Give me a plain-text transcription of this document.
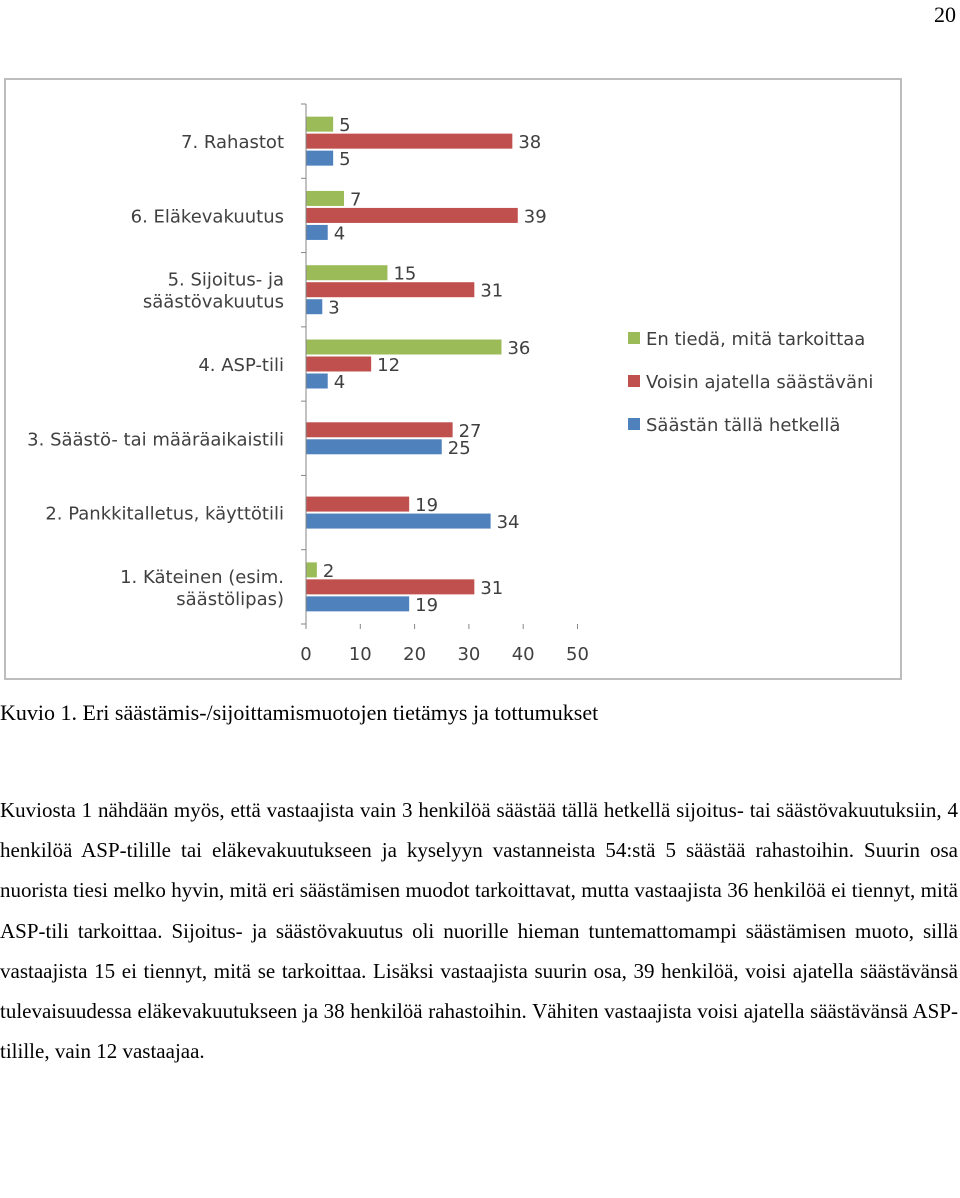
20
1. Käteinen (esim.
säästölipas)
2. Pankkitalletus, käyttötili
3. Säästö- tai määräaikaistili
4. ASP-tili
5. Sijoitus- ja
säästövakuutus
6. Eläkevakuutus
7. Rahastot
2
31
19
19
34
27
25
36
12
4
15
31
3
7
39
4
5
38
5
0 10 20 30 40 50
En tiedä, mitä tarkoittaa
Voisin ajatella säästäväni
Säästän tällä hetkellä
Kuvio 1. Eri säästämis-/sijoittamismuotojen tietämys ja tottumukset

Kuviosta 1 nähdään myös, että vastaajista vain 3 henkilöä säästää tällä hetkellä sijoitus- tai säästövakuutuksiin, 4 henkilöä ASP-tilille tai eläkevakuutukseen ja kyselyyn vastanneista 54:stä 5 säästää rahastoihin. Suurin osa nuorista tiesi melko hyvin, mitä eri säästämisen muodot tarkoittavat, mutta vastaajista 36 henkilöä ei tiennyt, mitä ASP-tili tarkoittaa. Sijoitus- ja säästövakuutus oli nuorille hieman tuntemattomampi säästämisen muoto, sillä vastaajista 15 ei tiennyt, mitä se tarkoittaa. Lisäksi vastaajista suurin osa, 39 henkilöä, voisi ajatella säästävänsä tulevaisuudessa eläkevakuutukseen ja 38 henkilöä rahastoihin. Vähiten vastaajista voisi ajatella säästävänsä ASP-tilille, vain 12 vastaajaa.
